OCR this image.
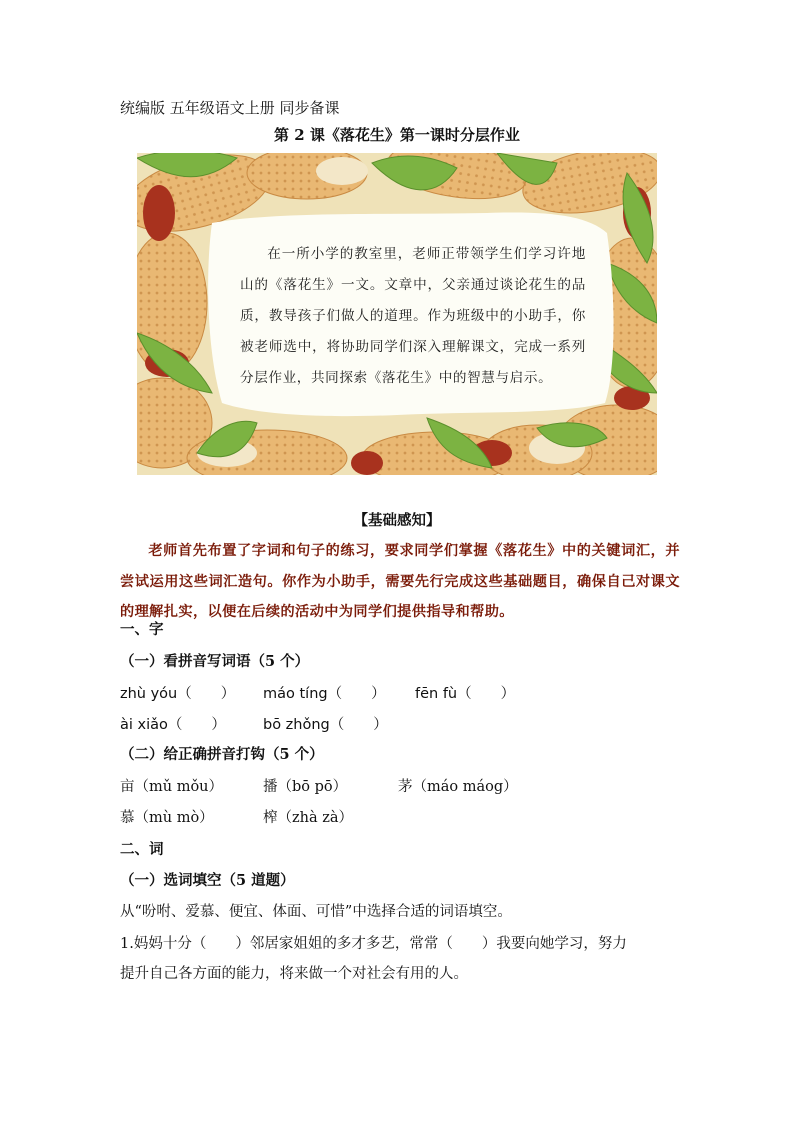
统编版 五年级语文上册 同步备课
第 2 课《落花生》第一课时分层作业
在一所小学的教室里，老师正带领学生们学习许地山的《落花生》一文。文章中，父亲通过谈论花生的品质，教导孩子们做人的道理。作为班级中的小助手，你被老师选中，将协助同学们深入理解课文，完成一系列分层作业，共同探索《落花生》中的智慧与启示。
【基础感知】
老师首先布置了字词和句子的练习，要求同学们掌握《落花生》中的关键词汇，并尝试运用这些词汇造句。你作为小助手，需要先行完成这些基础题目，确保自己对课文的理解扎实，以便在后续的活动中为同学们提供指导和帮助。
一、字
（一）看拼音写词语（5 个）
zhù yóu（　　） máo tíng（　　） fēn fù（　　）
ài xiǎo（　　）	bō zhǒng（　　）
（二）给正确拼音打钩（5 个）
亩（mǔ mǒu）	播（bō pō）	茅（máo máog）
慕（mù mò）	榨（zhà zà）
二、词
（一）选词填空（5 道题）
从“吩咐、爱慕、便宜、体面、可惜”中选择合适的词语填空。
1.妈妈十分（　　）邻居家姐姐的多才多艺，常常（　　）我要向她学习，努力
提升自己各方面的能力，将来做一个对社会有用的人。
